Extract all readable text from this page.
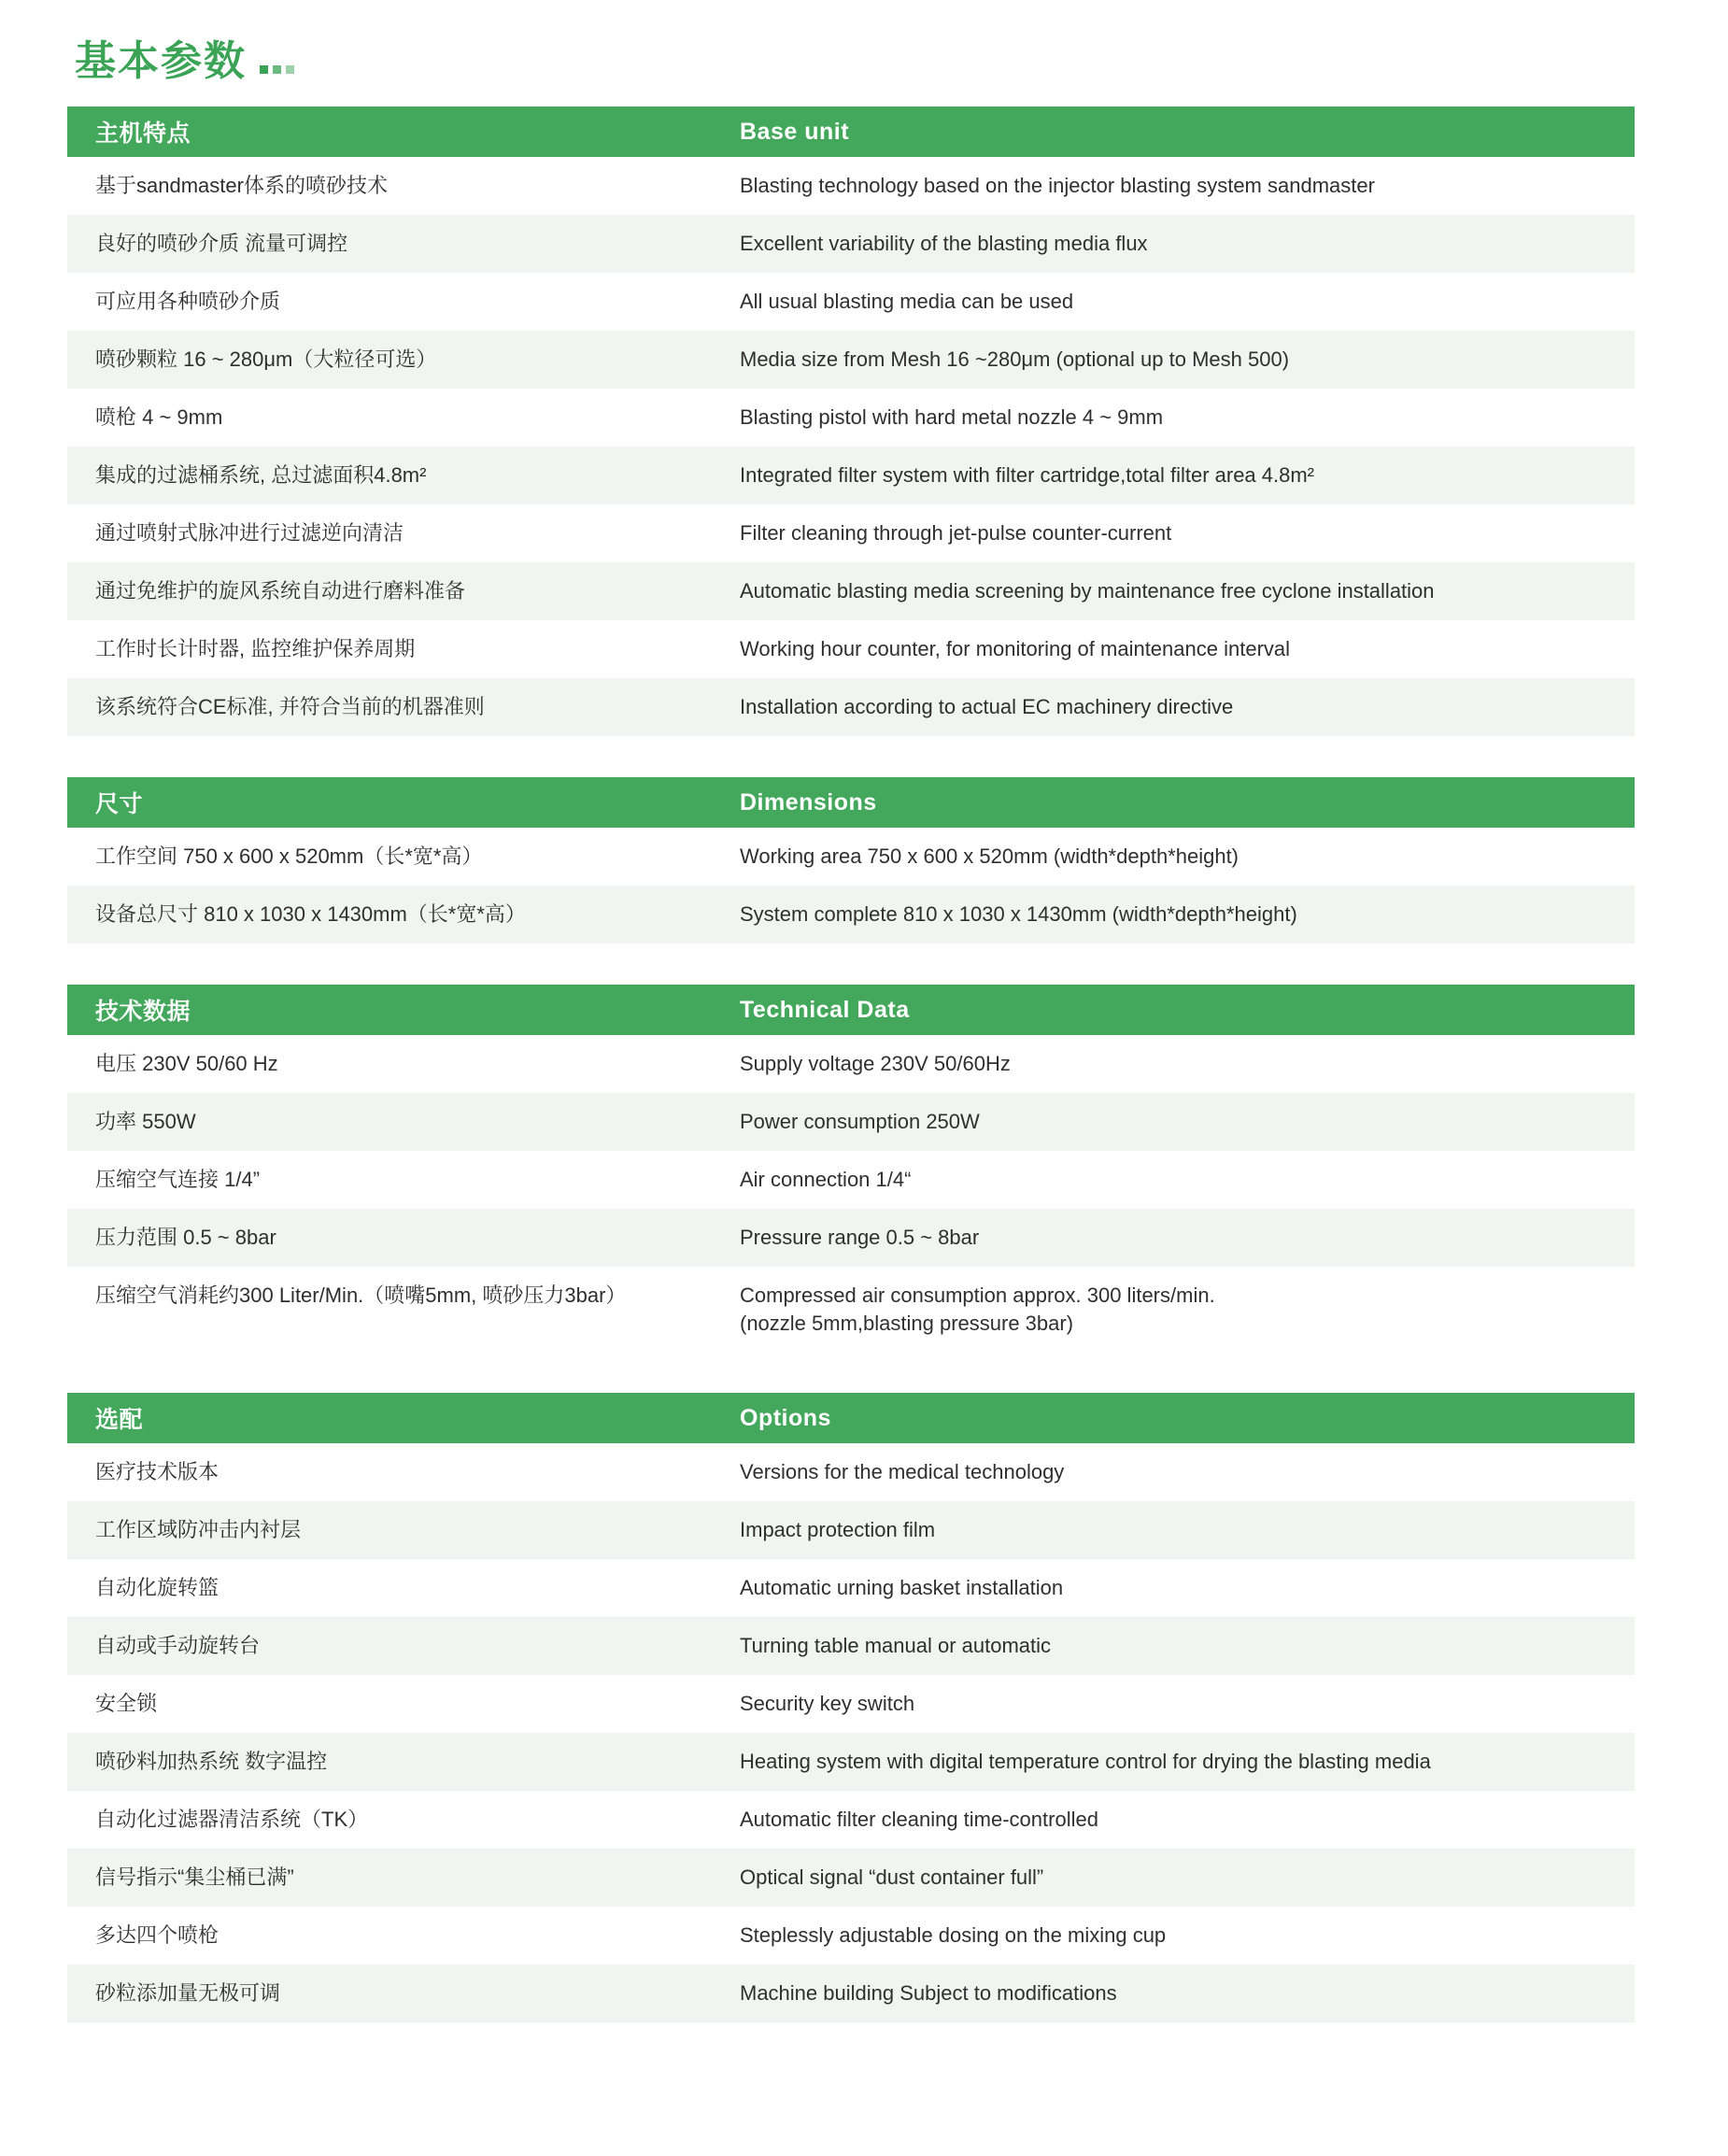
基本参数
主机特点	Base unit
基于sandmaster体系的喷砂技术	Blasting technology based on the injector blasting system sandmaster
良好的喷砂介质 流量可调控	Excellent variability of the blasting media flux
可应用各种喷砂介质	All usual blasting media can be used
喷砂颗粒 16 ~ 280μm（大粒径可选）	Media size from Mesh 16 ~280μm (optional up to Mesh 500)
喷枪 4 ~ 9mm	Blasting pistol with hard metal nozzle 4 ~ 9mm
集成的过滤桶系统, 总过滤面积4.8m²	Integrated filter system with filter cartridge,total filter area 4.8m²
通过喷射式脉冲进行过滤逆向清洁	Filter cleaning through jet-pulse counter-current
通过免维护的旋风系统自动进行磨料准备	Automatic blasting media screening by maintenance free cyclone installation
工作时长计时器, 监控维护保养周期	Working hour counter, for monitoring of maintenance interval
该系统符合CE标准, 并符合当前的机器准则	Installation according to actual EC machinery directive
尺寸	Dimensions
工作空间 750 x 600 x 520mm（长*宽*高）	Working area 750 x 600 x 520mm (width*depth*height)
设备总尺寸 810 x 1030 x 1430mm（长*宽*高）	System complete 810 x 1030 x 1430mm (width*depth*height)
技术数据	Technical Data
电压 230V 50/60 Hz	Supply voltage 230V 50/60Hz
功率 550W	Power consumption 250W
压缩空气连接 1/4”	Air connection 1/4“
压力范围 0.5 ~ 8bar	Pressure range 0.5 ~ 8bar
压缩空气消耗约300 Liter/Min.（喷嘴5mm, 喷砂压力3bar）	Compressed air consumption approx. 300 liters/min.
(nozzle 5mm,blasting pressure 3bar)
选配	Options
医疗技术版本	Versions for the medical technology
工作区域防冲击内衬层	Impact protection film
自动化旋转篮	Automatic urning basket installation
自动或手动旋转台	Turning table manual or automatic
安全锁	Security key switch
喷砂料加热系统 数字温控	Heating system with digital temperature control for drying the blasting media
自动化过滤器清洁系统（TK）	Automatic filter cleaning time-controlled
信号指示“集尘桶已满”	Optical signal “dust container full”
多达四个喷枪	Steplessly adjustable dosing on the mixing cup
砂粒添加量无极可调	Machine building Subject to modifications
